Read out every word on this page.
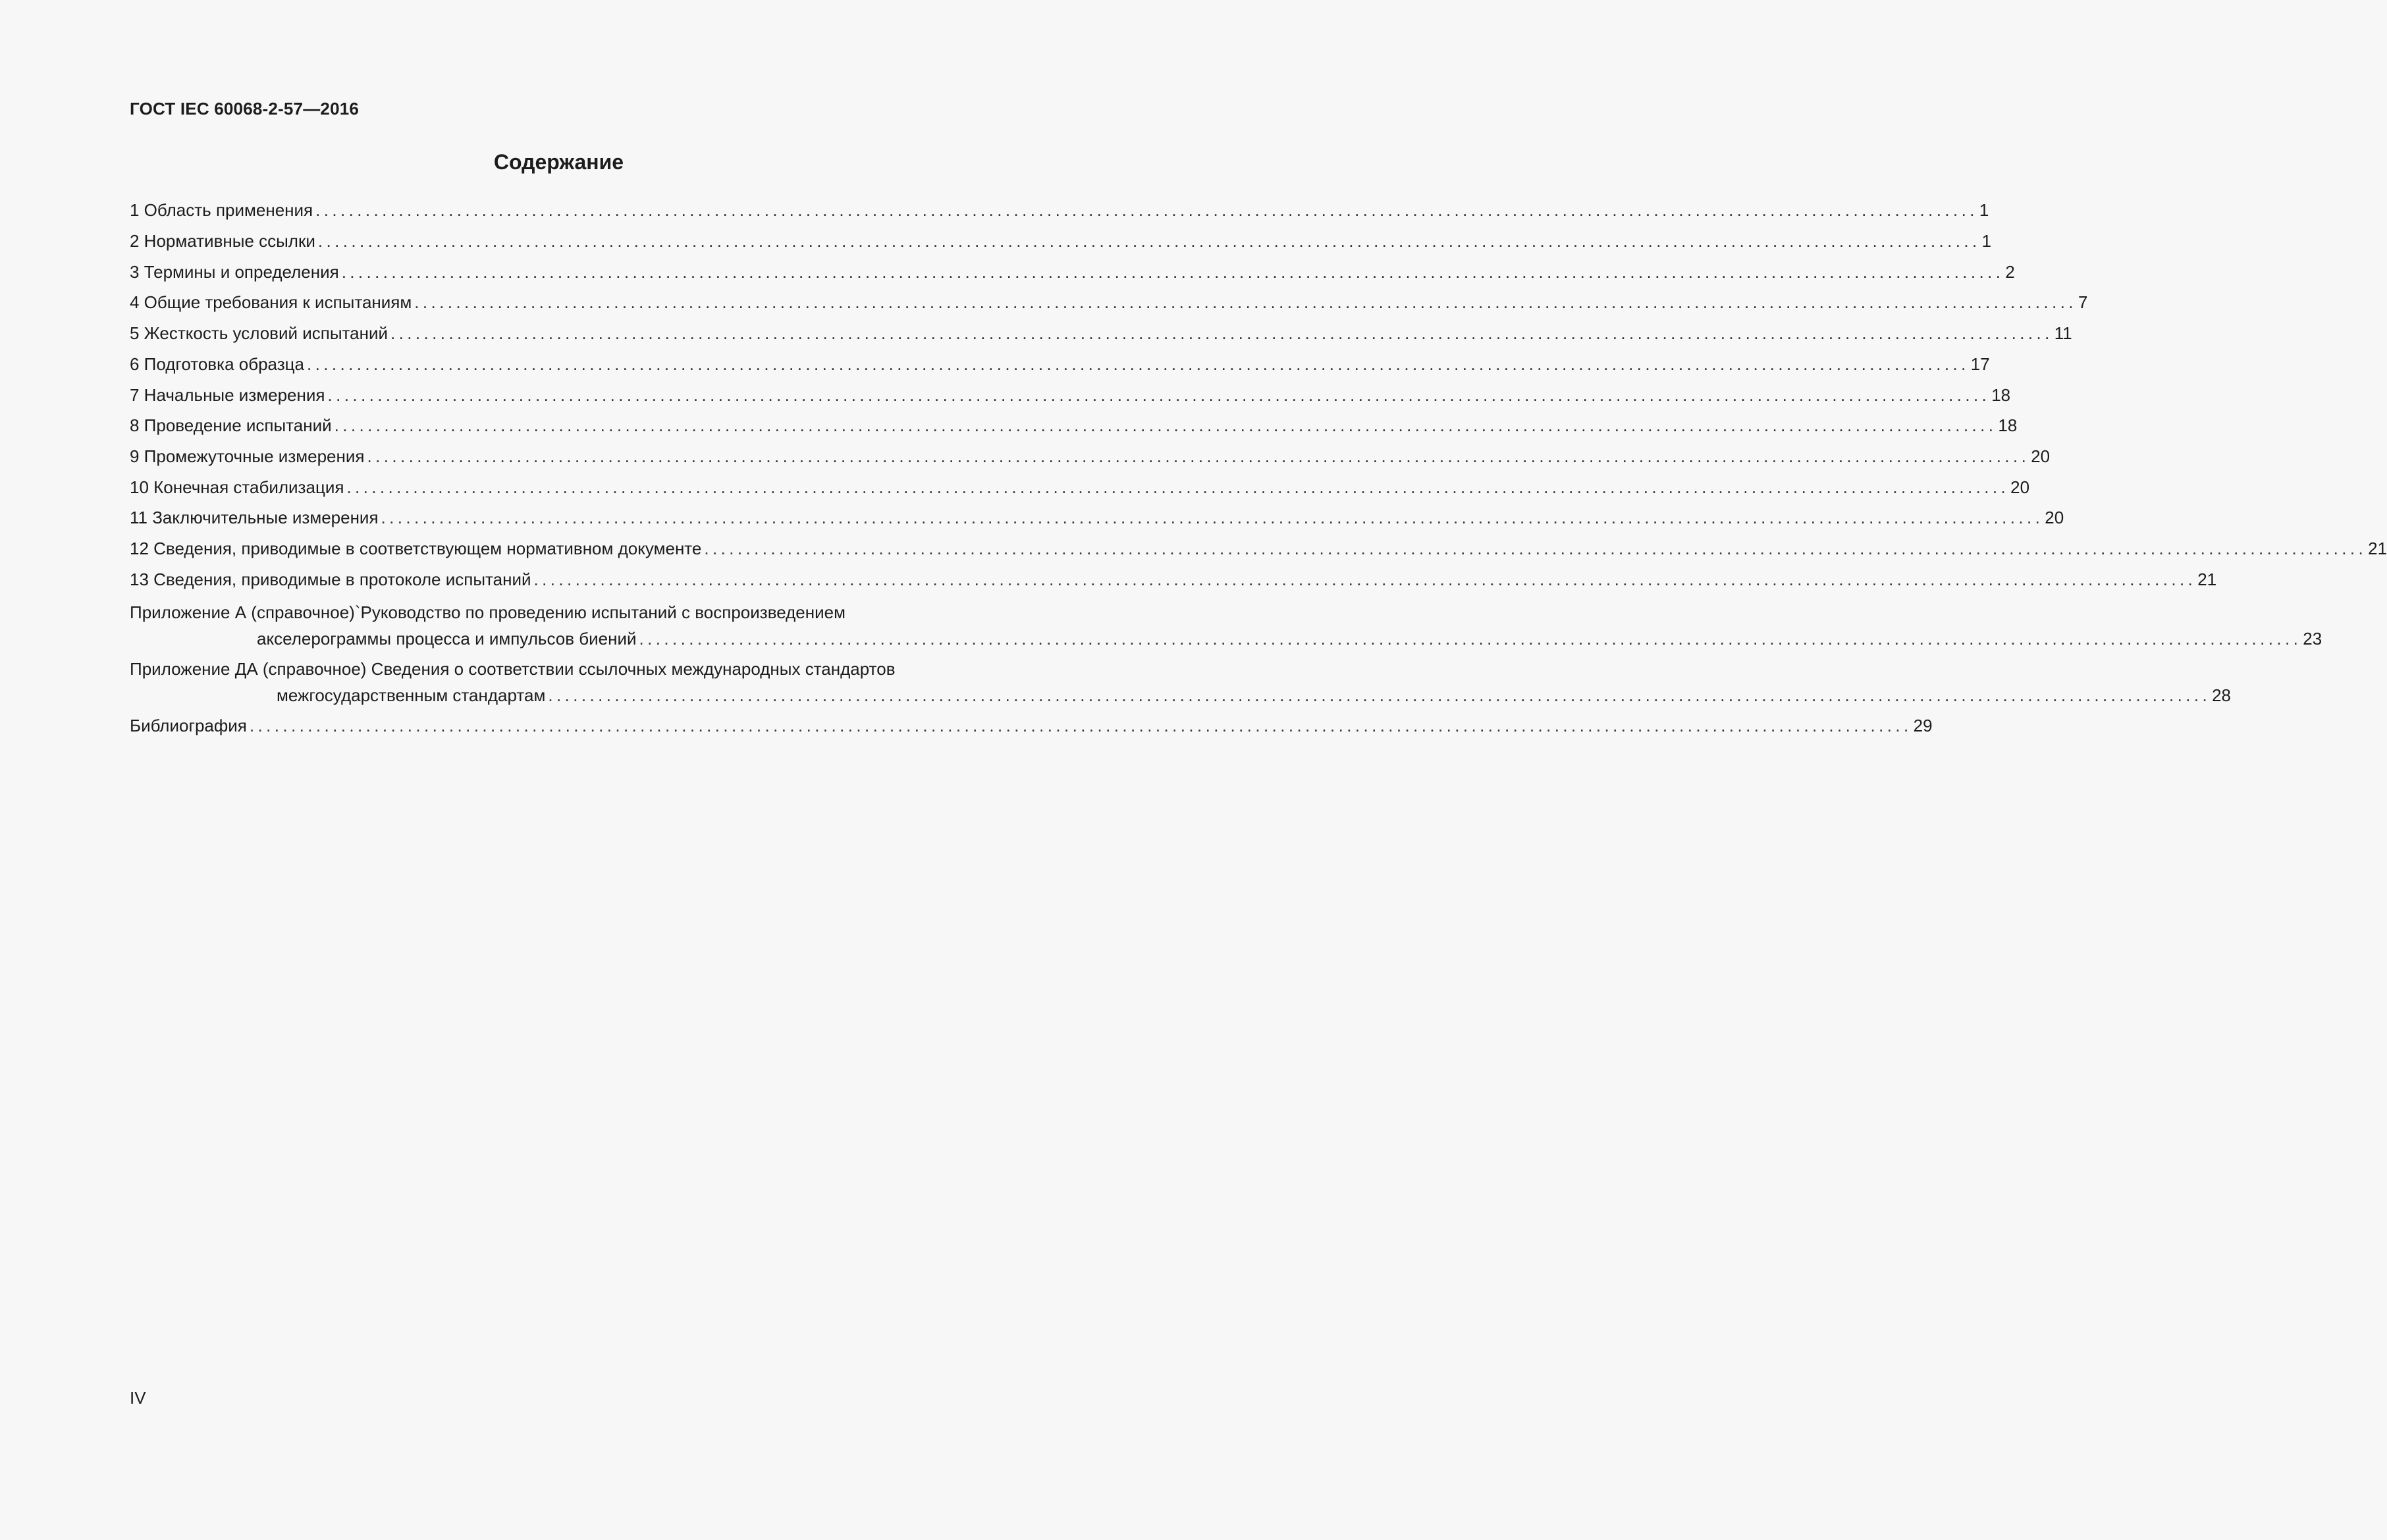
ГОСТ IEC 60068-2-57—2016
Содержание
1 Область применения ........................................................................................................................................................................................................ 1
2 Нормативные ссылки ........................................................................................................................................................................................................ 1
3 Термины и определения ........................................................................................................................................................................................................ 2
4 Общие требования к испытаниям ........................................................................................................................................................................................................ 7
5 Жесткость условий испытаний ........................................................................................................................................................................................................ 11
6 Подготовка образца ........................................................................................................................................................................................................ 17
7 Начальные измерения ........................................................................................................................................................................................................ 18
8 Проведение испытаний ........................................................................................................................................................................................................ 18
9 Промежуточные измерения ........................................................................................................................................................................................................ 20
10 Конечная стабилизация ........................................................................................................................................................................................................ 20
11 Заключительные измерения ........................................................................................................................................................................................................ 20
12 Сведения, приводимые в соответствующем нормативном документе ........................................................................................................................................................................................................ 21
13 Сведения, приводимые в протоколе испытаний ........................................................................................................................................................................................................ 21
Приложение А (справочное)`Руководство по проведению испытаний с воспроизведением
акселерограммы процесса и импульсов биений ........................................................................................................................................................................................................ 23
Приложение ДА (справочное) Сведения о соответствии ссылочных международных стандартов
межгосударственным стандартам ........................................................................................................................................................................................................ 28
Библиография ........................................................................................................................................................................................................ 29
IV
